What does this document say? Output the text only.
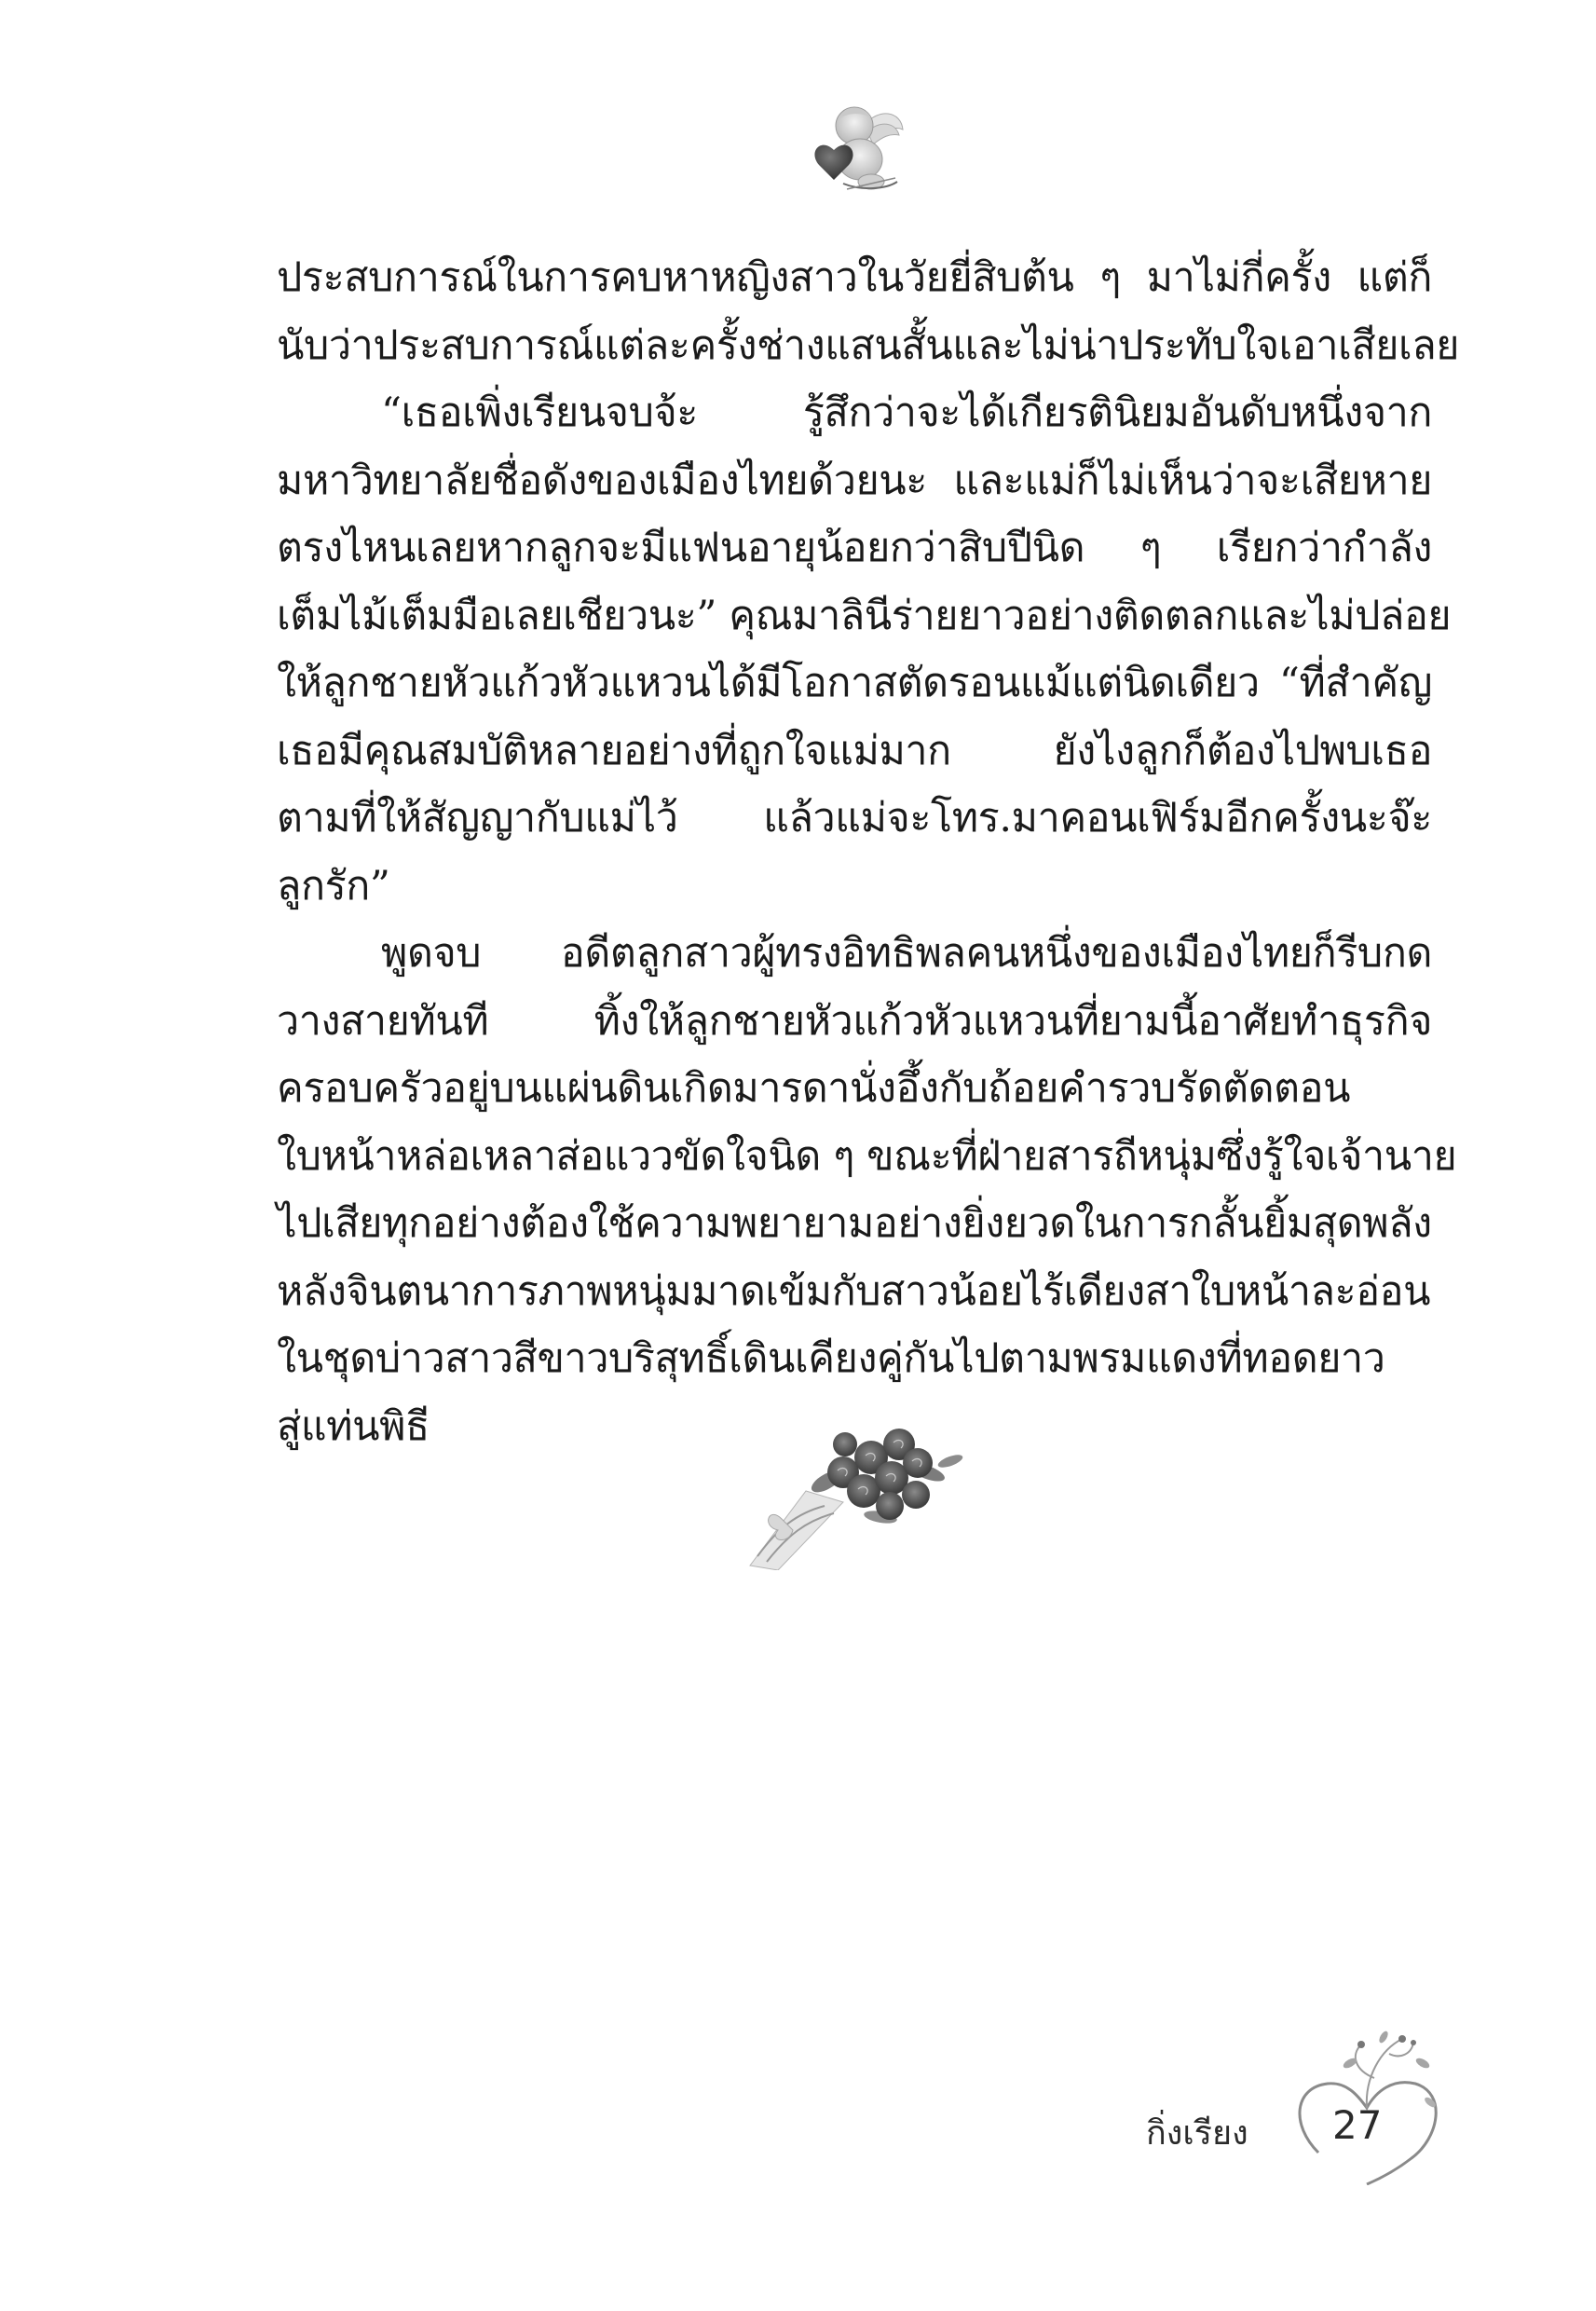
ประสบการณ์ในการคบหาหญิงสาวในวัยยี่สิบต้น ๆ มาไม่กี่ครั้ง แต่ก็
นับว่าประสบการณ์แต่ละครั้งช่างแสนสั้นและไม่น่าประทับใจเอาเสียเลย
“เธอเพิ่งเรียนจบจ้ะ รู้สึกว่าจะได้เกียรตินิยมอันดับหนึ่งจาก
มหาวิทยาลัยชื่อดังของเมืองไทยด้วยนะ และแม่ก็ไม่เห็นว่าจะเสียหาย
ตรงไหนเลยหากลูกจะมีแฟนอายุน้อยกว่าสิบปีนิด ๆ เรียกว่ากำลัง
เต็มไม้เต็มมือเลยเชียวนะ” คุณมาลินีร่ายยาวอย่างติดตลกและไม่ปล่อย
ให้ลูกชายหัวแก้วหัวแหวนได้มีโอกาสตัดรอนแม้แต่นิดเดียว “ที่สำคัญ
เธอมีคุณสมบัติหลายอย่างที่ถูกใจแม่มาก ยังไงลูกก็ต้องไปพบเธอ
ตามที่ให้สัญญากับแม่ไว้ แล้วแม่จะโทร.มาคอนเฟิร์มอีกครั้งนะจ๊ะ
ลูกรัก”
พูดจบ อดีตลูกสาวผู้ทรงอิทธิพลคนหนึ่งของเมืองไทยก็รีบกด
วางสายทันที ทิ้งให้ลูกชายหัวแก้วหัวแหวนที่ยามนี้อาศัยทำธุรกิจ
ครอบครัวอยู่บนแผ่นดินเกิดมารดานั่งอึ้งกับถ้อยคำรวบรัดตัดตอน
ใบหน้าหล่อเหลาส่อแววขัดใจนิด ๆ ขณะที่ฝ่ายสารถีหนุ่มซึ่งรู้ใจเจ้านาย
ไปเสียทุกอย่างต้องใช้ความพยายามอย่างยิ่งยวดในการกลั้นยิ้มสุดพลัง
หลังจินตนาการภาพหนุ่มมาดเข้มกับสาวน้อยไร้เดียงสาใบหน้าละอ่อน
ในชุดบ่าวสาวสีขาวบริสุทธิ์เดินเคียงคู่กันไปตามพรมแดงที่ทอดยาว
สู่แท่นพิธี
กิ่งเรียง 27
